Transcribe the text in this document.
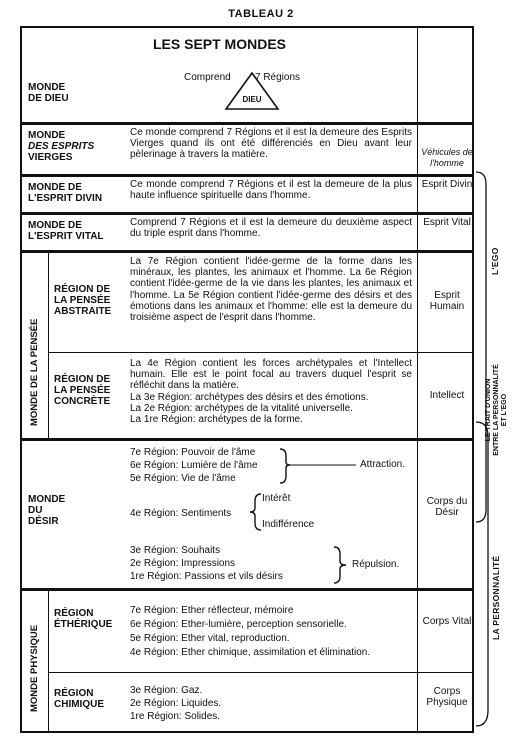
TABLEAU 2
LES SEPT MONDES
MONDE
DE DIEU
Comprend 7 Régions
DIEU
MONDE
DES ESPRITS
VIERGES
Ce monde comprend 7 Régions et il est la demeure des Esprits Vierges quand ils ont été différenciés en Dieu avant leur pèlerinage à travers la matière.	Véhicules de l'homme
MONDE DE
L'ESPRIT DIVIN
Ce monde comprend 7 Régions et il est la demeure de la plus haute influence spirituelle dans l'homme.
Esprit Divin
MONDE DE
L'ESPRIT VITAL
Comprend 7 Régions et il est la demeure du deuxième aspect du triple esprit dans l'homme.
Esprit Vital
MONDE DE LA PENSÉE
RÉGION DE
LA PENSÉE
ABSTRAITE
La 7e Région contient l'idée-germe de la forme dans les minéraux, les plantes, les animaux et l'homme. La 6e Région contient l'idée-germe de la vie dans les plantes, les animaux et l'homme. La 5e Région contient l'idée-germe des désirs et des émotions dans les animaux et l'homme: elle est la demeure du troisième aspect de l'esprit dans l'homme.
Esprit Humain
RÉGION DE
LA PENSÉE
CONCRÈTE
La 4e Région contient les forces archétypales et l'Intellect humain. Elle est le point focal au travers duquel l'esprit se réfléchit dans la matière.
La 3e Région: archétypes des désirs et des émotions.
La 2e Région: archétypes de la vitalité universelle.
La 1re Région: archétypes de la forme.
Intellect
MONDE
DU
DÉSIR
7e Région: Pouvoir de l'âme
6e Région: Lumière de l'âme
5e Région: Vie de l'âme
Attraction.
4e Région: Sentiments
Intérêt
Indifférence
3e Région: Souhaits
2e Région: Impressions
1re Région: Passions et vils désirs
Répulsion.
Corps du Désir
MONDE PHYSIQUE
RÉGION
ÉTHÉRIQUE
7e Région: Ether réflecteur, mémoire
6e Région: Ether-lumière, perception sensorielle.
5e Région: Ether vital, reproduction.
4e Région: Ether chimique, assimilation et élimination.
Corps Vital
RÉGION
CHIMIQUE
3e Région: Gaz.
2e Région: Liquides.
1re Région: Solides.
Corps Physique
L'EGO
LE TRAIT D'UNION ENTRE LA PERSONNALITÉ ET L'EGO
LA PERSONNALITÉ
